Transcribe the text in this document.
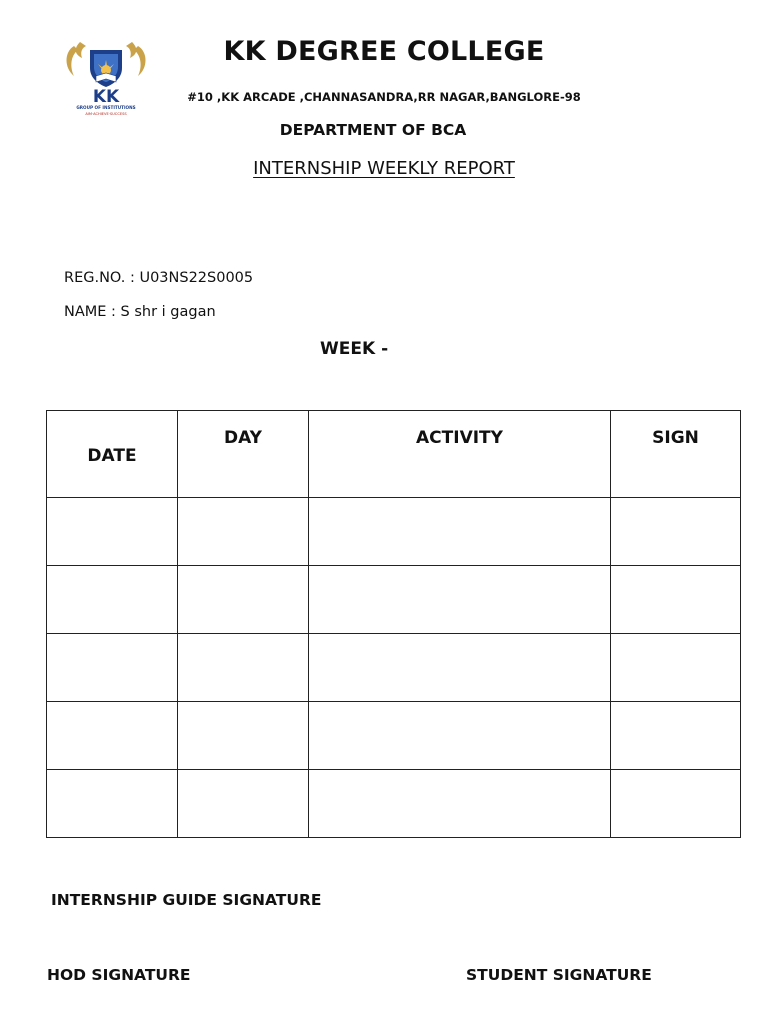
KK
GROUP OF INSTITUTIONS
AIM·ACHIEVE·SUCCESS
KK DEGREE COLLEGE
#10 ,KK ARCADE ,CHANNASANDRA,RR NAGAR,BANGLORE-98
DEPARTMENT OF BCA
INTERNSHIP WEEKLY REPORT
REG.NO. : U03NS22S0005
NAME : S shr i gagan
WEEK -
DATE	DAY	ACTIVITY	SIGN

INTERNSHIP GUIDE SIGNATURE
HOD SIGNATURE	STUDENT SIGNATURE
